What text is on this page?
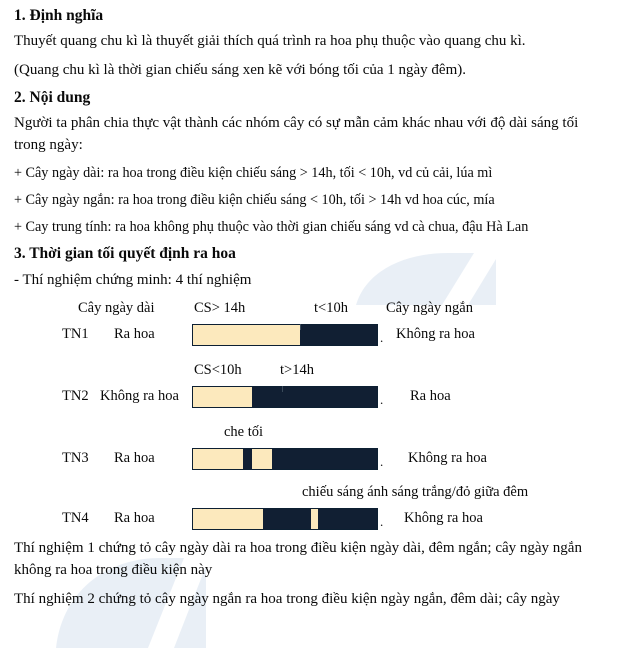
1. Định nghĩa

Thuyết quang chu kì là thuyết giải thích quá trình ra hoa phụ thuộc vào quang chu kì.

(Quang chu kì là thời gian chiếu sáng xen kẽ với bóng tối của 1 ngày đêm).

2. Nội dung

Người ta phân chia thực vật thành các nhóm cây có sự mẫn cảm khác nhau với độ dài sáng tối trong ngày:

+ Cây ngày dài: ra hoa trong điều kiện chiếu sáng > 14h, tối < 10h, vd củ cải, lúa mì

+ Cây ngày ngắn: ra hoa trong điều kiện chiếu sáng < 10h, tối > 14h vd hoa cúc, mía

+ Cay trung tính: ra hoa không phụ thuộc vào thời gian chiếu sáng vd cà chua, đậu Hà Lan

3. Thời gian tối quyết định ra hoa

- Thí nghiệm chứng minh: 4 thí nghiệm

Cây ngày dài	Cây ngày ngắn
CS> 14h	t<10h
TN1 Ra hoa	. Không ra hoa
CS<10h	t>14h
TN2 Không ra hoa	. Ra hoa
che tối
TN3 Ra hoa	. Không ra hoa
chiếu sáng ánh sáng trắng/đỏ giữa đêm
TN4 Ra hoa	. Không ra hoa

Thí nghiệm 1 chứng tỏ cây ngày dài ra hoa trong điều kiện ngày dài, đêm ngắn; cây ngày ngắn không ra hoa trong điều kiện này

Thí nghiệm 2 chứng tỏ cây ngày ngắn ra hoa trong điều kiện ngày ngắn, đêm dài; cây ngày
